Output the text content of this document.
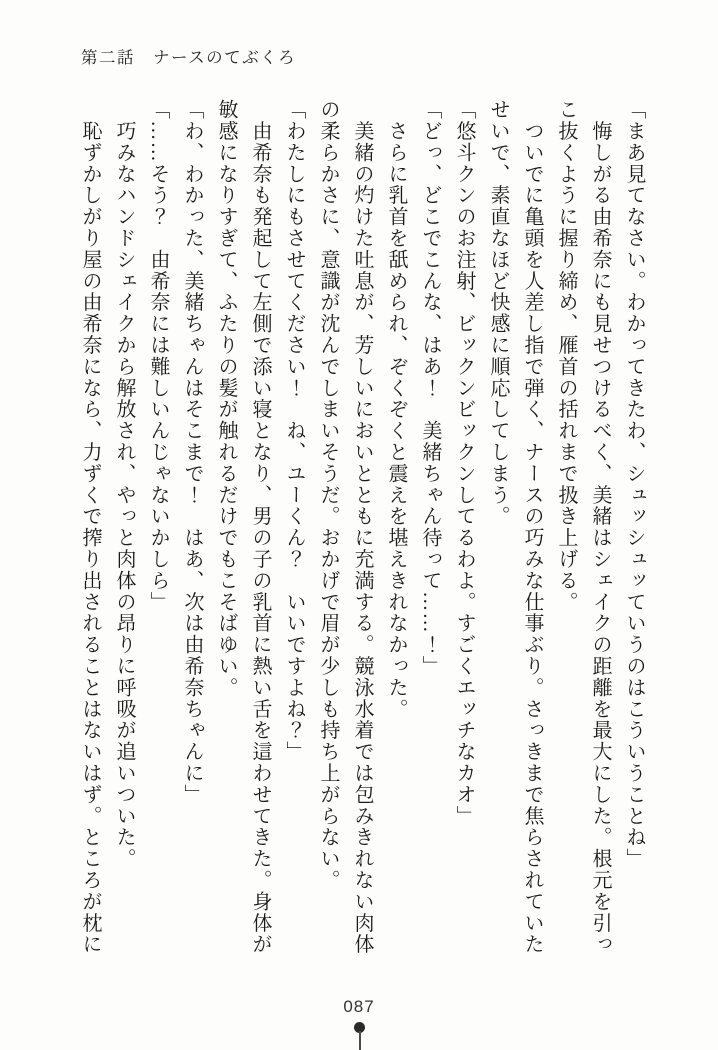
第二話　ナースのてぶくろ

「まあ見てなさい。わかってきたわ、シュッシュッていうのはこういうことね」

　悔しがる由希奈にも見せつけるべく、美緒はシェイクの距離を最大にした。根元を引っ

こ抜くように握り締め、雁首の括れまで扱き上げる。

　ついでに亀頭を人差し指で弾く、ナースの巧みな仕事ぶり。さっきまで焦らされていた

せいで、素直なほど快感に順応してしまう。

「悠斗クンのお注射、ビックンビックンしてるわよ。すごくエッチなカオ」

「どっ、どこでこんな、はあ！　美緒ちゃん待って……！」

　さらに乳首を舐められ、ぞくぞくと震えを堪えきれなかった。

　美緒の灼けた吐息が、芳しいにおいとともに充満する。競泳水着では包みきれない肉体

の柔らかさに、意識が沈んでしまいそうだ。おかげで眉が少しも持ち上がらない。

「わたしにもさせてください！　ね、ユーくん？　いいですよね？」

　由希奈も発起して左側で添い寝となり、男の子の乳首に熱い舌を這わせてきた。身体が

敏感になりすぎて、ふたりの髪が触れるだけでもこそばゆい。

「わ、わかった、美緒ちゃんはそこまで！　はあ、次は由希奈ちゃんに」

「……そう？　由希奈には難しいんじゃないかしら」

　巧みなハンドシェイクから解放され、やっと肉体の昂りに呼吸が追いついた。

　恥ずかしがり屋の由希奈になら、力ずくで搾り出されることはないはず。ところが枕に

087
